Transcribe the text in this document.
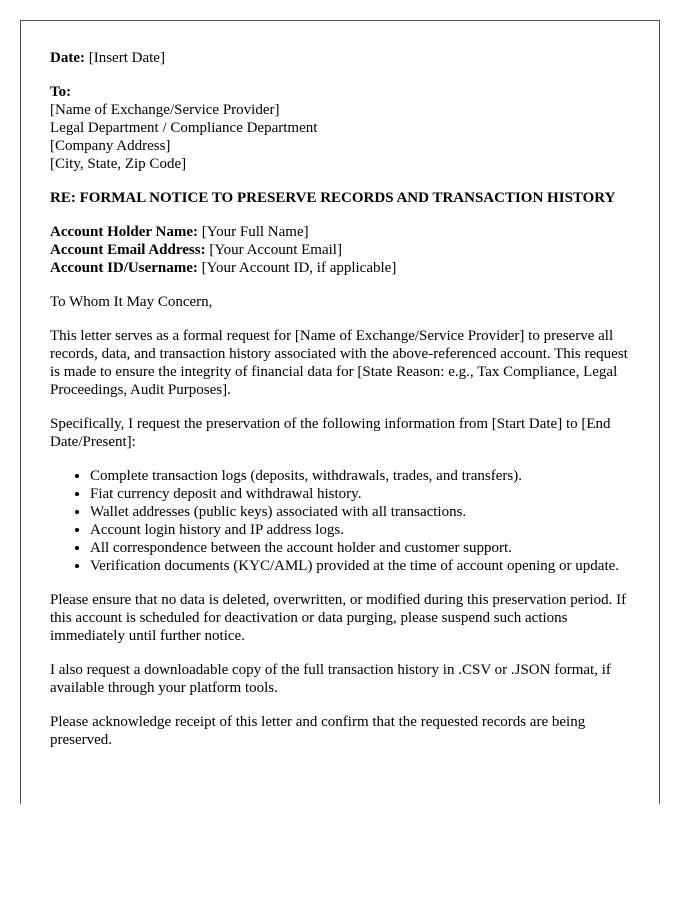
Date: [Insert Date]
To:
[Name of Exchange/Service Provider]
Legal Department / Compliance Department
[Company Address]
[City, State, Zip Code]
RE: FORMAL NOTICE TO PRESERVE RECORDS AND TRANSACTION HISTORY
Account Holder Name: [Your Full Name]
Account Email Address: [Your Account Email]
Account ID/Username: [Your Account ID, if applicable]

To Whom It May Concern,

This letter serves as a formal request for [Name of Exchange/Service Provider] to preserve all records, data, and transaction history associated with the above-referenced account. This request is made to ensure the integrity of financial data for [State Reason: e.g., Tax Compliance, Legal Proceedings, Audit Purposes].

Specifically, I request the preservation of the following information from [Start Date] to [End Date/Present]:

• Complete transaction logs (deposits, withdrawals, trades, and transfers).
• Fiat currency deposit and withdrawal history.
• Wallet addresses (public keys) associated with all transactions.
• Account login history and IP address logs.
• All correspondence between the account holder and customer support.
• Verification documents (KYC/AML) provided at the time of account opening or update.

Please ensure that no data is deleted, overwritten, or modified during this preservation period. If this account is scheduled for deactivation or data purging, please suspend such actions immediately until further notice.

I also request a downloadable copy of the full transaction history in .CSV or .JSON format, if available through your platform tools.

Please acknowledge receipt of this letter and confirm that the requested records are being preserved.
